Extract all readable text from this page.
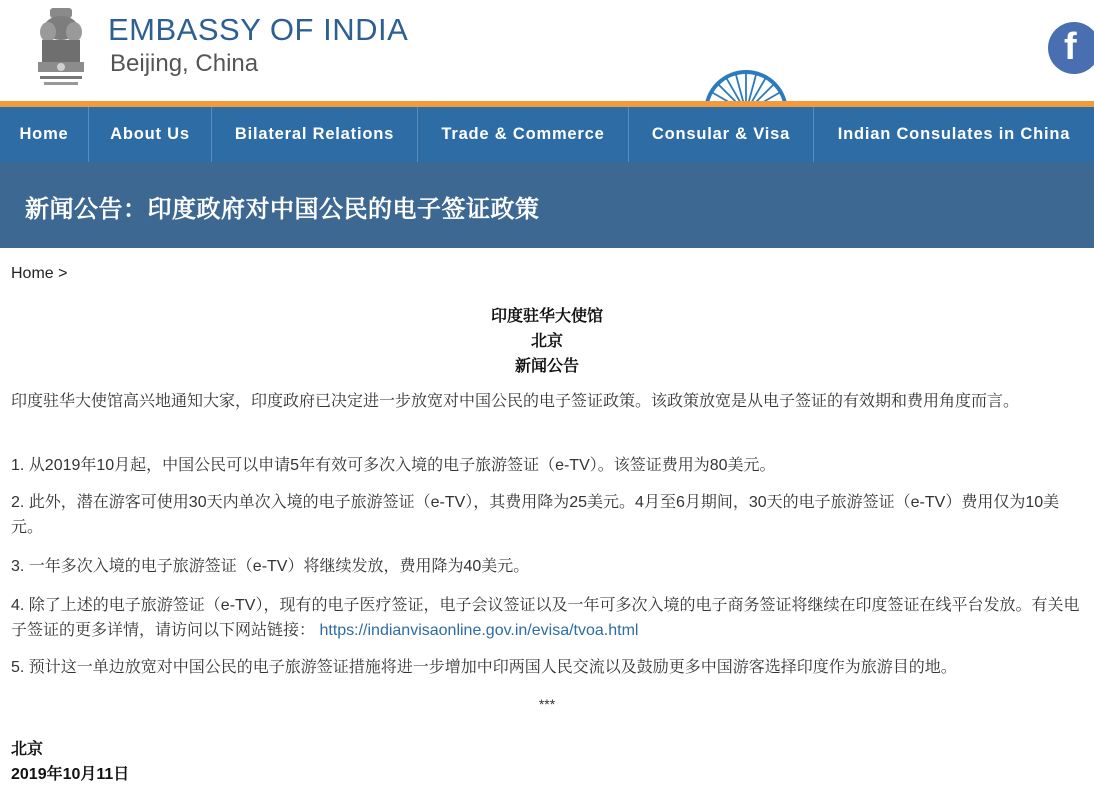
EMBASSY OF INDIA
Beijing, China	f
Home	About Us	Bilateral Relations	Trade & Commerce	Consular & Visa	Indian Consulates in China
新闻公告：印度政府对中国公民的电子签证政策
Home >
印度驻华大使馆
北京
新闻公告
印度驻华大使馆高兴地通知大家，印度政府已决定进一步放宽对中国公民的电子签证政策。该政策放宽是从电子签证的有效期和费用角度而言。
1. 从2019年10月起，中国公民可以申请5年有效可多次入境的电子旅游签证（e-TV）。该签证费用为80美元。
2. 此外，潜在游客可使用30天内单次入境的电子旅游签证（e-TV），其费用降为25美元。4月至6月期间，30天的电子旅游签证（e-TV）费用仅为10美元。
3. 一年多次入境的电子旅游签证（e-TV）将继续发放，费用降为40美元。
4. 除了上述的电子旅游签证（e-TV），现有的电子医疗签证，电子会议签证以及一年可多次入境的电子商务签证将继续在印度签证在线平台发放。有关电子签证的更多详情，请访问以下网站链接： https://indianvisaonline.gov.in/evisa/tvoa.html
5. 预计这一单边放宽对中国公民的电子旅游签证措施将进一步增加中印两国人民交流以及鼓励更多中国游客选择印度作为旅游目的地。
***
北京
2019年10月11日
